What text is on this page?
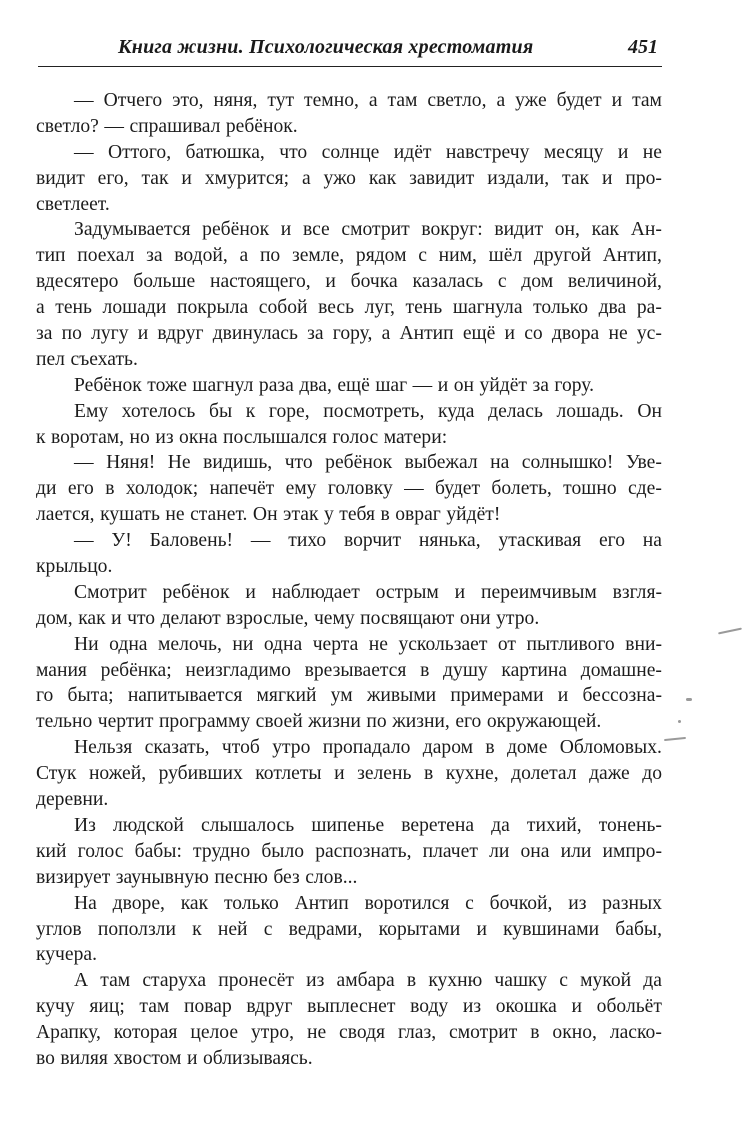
Книга жизни. Психологическая хрестоматия	451
— Отчего это, няня, тут темно, а там светло, а уже будет и там
светло? — спрашивал ребёнок.
— Оттого, батюшка, что солнце идёт навстречу месяцу и не
видит его, так и хмурится; а ужо как завидит издали, так и про-
светлеет.
Задумывается ребёнок и все смотрит вокруг: видит он, как Ан-
тип поехал за водой, а по земле, рядом с ним, шёл другой Антип,
вдесятеро больше настоящего, и бочка казалась с дом величиной,
а тень лошади покрыла собой весь луг, тень шагнула только два ра-
за по лугу и вдруг двинулась за гору, а Антип ещё и со двора не ус-
пел съехать.
Ребёнок тоже шагнул раза два, ещё шаг — и он уйдёт за гору.
Ему хотелось бы к горе, посмотреть, куда делась лошадь. Он
к воротам, но из окна послышался голос матери:
— Няня! Не видишь, что ребёнок выбежал на солнышко! Уве-
ди его в холодок; напечёт ему головку — будет болеть, тошно сде-
лается, кушать не станет. Он этак у тебя в овраг уйдёт!
— У! Баловень! — тихо ворчит нянька, утаскивая его на
крыльцо.
Смотрит ребёнок и наблюдает острым и переимчивым взгля-
дом, как и что делают взрослые, чему посвящают они утро.
Ни одна мелочь, ни одна черта не ускользает от пытливого вни-
мания ребёнка; неизгладимо врезывается в душу картина домашне-
го быта; напитывается мягкий ум живыми примерами и бессозна-
тельно чертит программу своей жизни по жизни, его окружающей.
Нельзя сказать, чтоб утро пропадало даром в доме Обломовых.
Стук ножей, рубивших котлеты и зелень в кухне, долетал даже до
деревни.
Из людской слышалось шипенье веретена да тихий, тонень-
кий голос бабы: трудно было распознать, плачет ли она или импро-
визирует заунывную песню без слов...
На дворе, как только Антип воротился с бочкой, из разных
углов поползли к ней с ведрами, корытами и кувшинами бабы,
кучера.
А там старуха пронесёт из амбара в кухню чашку с мукой да
кучу яиц; там повар вдруг выплеснет воду из окошка и обольёт
Арапку, которая целое утро, не сводя глаз, смотрит в окно, ласко-
во виляя хвостом и облизываясь.
